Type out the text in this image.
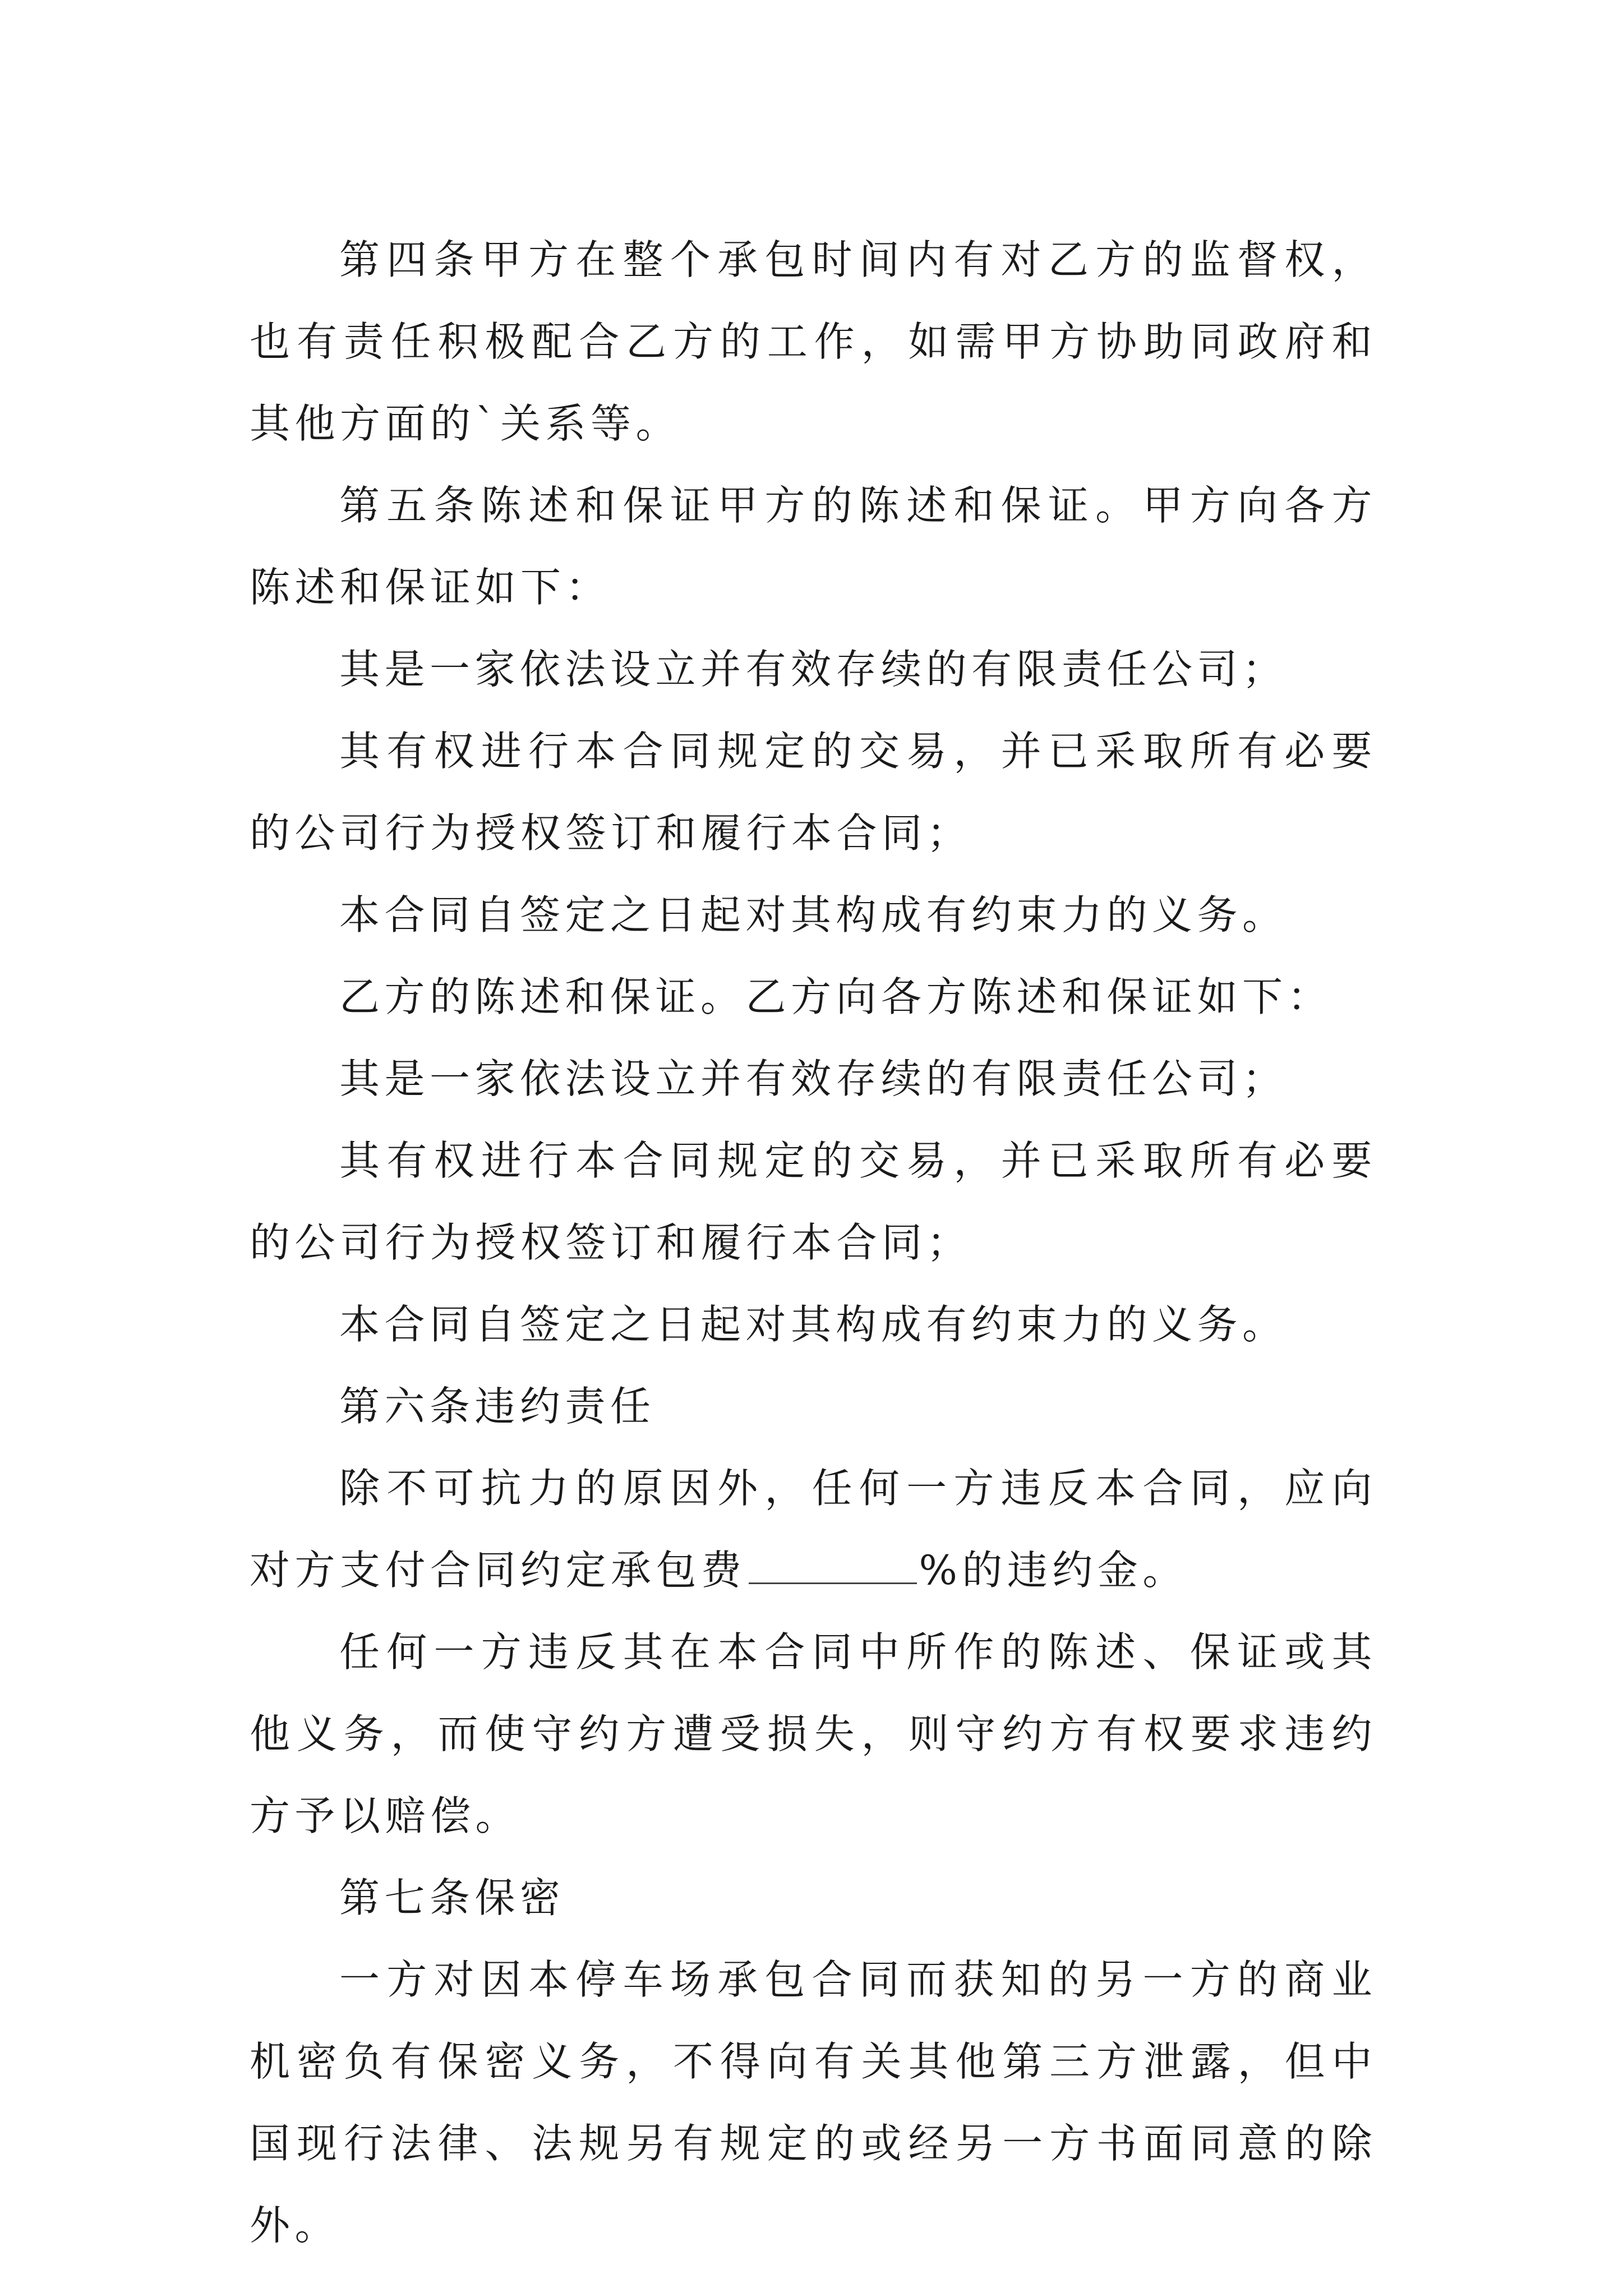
第四条甲方在整个承包时间内有对乙方的监督权，也有责任积极配合乙方的工作，如需甲方协助同政府和其他方面的`关系等。

第五条陈述和保证甲方的陈述和保证。甲方向各方陈述和保证如下：

其是一家依法设立并有效存续的有限责任公司；

其有权进行本合同规定的交易，并已采取所有必要的公司行为授权签订和履行本合同；

本合同自签定之日起对其构成有约束力的义务。

乙方的陈述和保证。乙方向各方陈述和保证如下：

其是一家依法设立并有效存续的有限责任公司；

其有权进行本合同规定的交易，并已采取所有必要的公司行为授权签订和履行本合同；

本合同自签定之日起对其构成有约束力的义务。

第六条违约责任

除不可抗力的原因外，任何一方违反本合同，应向对方支付合同约定承包费	%的违约金。

任何一方违反其在本合同中所作的陈述、保证或其他义务，而使守约方遭受损失，则守约方有权要求违约方予以赔偿。

第七条保密

一方对因本停车场承包合同而获知的另一方的商业机密负有保密义务，不得向有关其他第三方泄露，但中国现行法律、法规另有规定的或经另一方书面同意的除外。
